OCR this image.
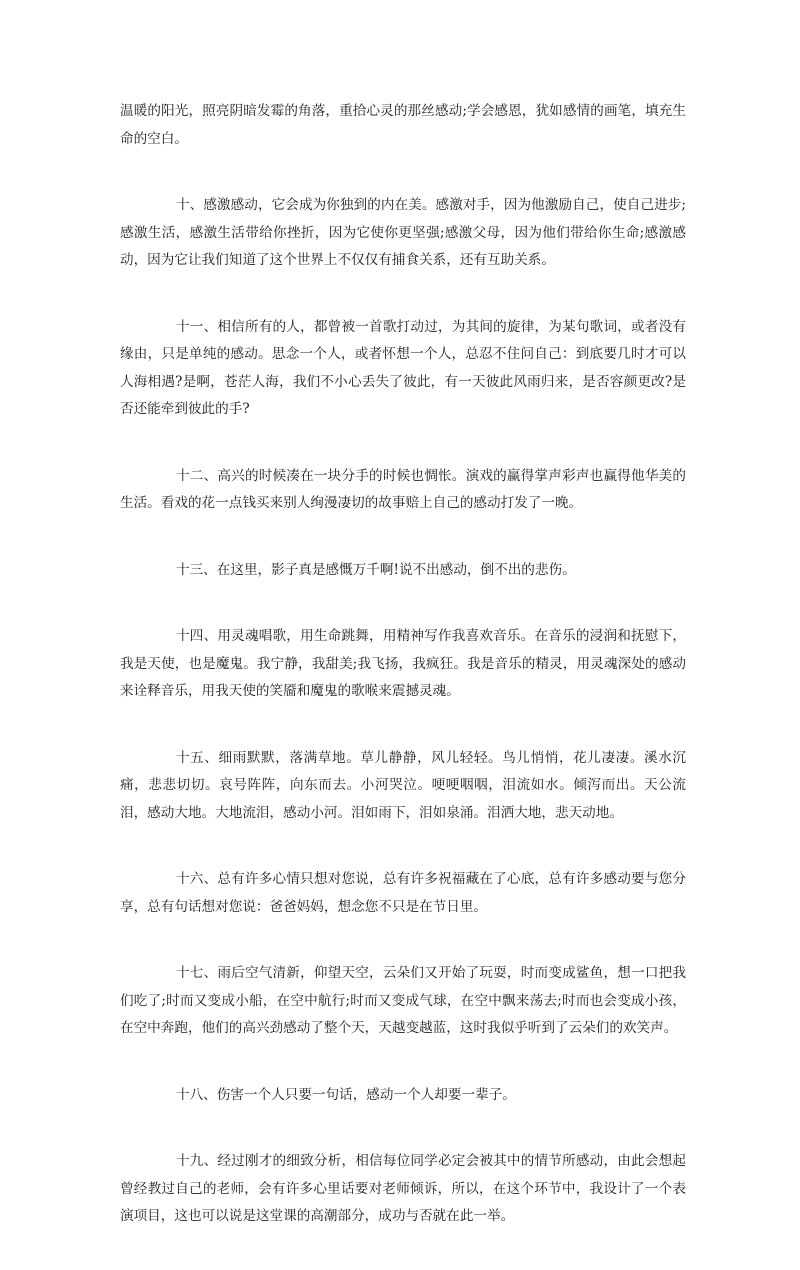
温暖的阳光，照亮阴暗发霉的角落，重拾心灵的那丝感动;学会感恩，犹如感情的画笔，填充生命的空白。

十、感激感动，它会成为你独到的内在美。感激对手，因为他激励自己，使自己进步;感激生活，感激生活带给你挫折，因为它使你更坚强;感激父母，因为他们带给你生命;感激感动，因为它让我们知道了这个世界上不仅仅有捕食关系，还有互助关系。

十一、相信所有的人，都曾被一首歌打动过，为其间的旋律，为某句歌词，或者没有缘由，只是单纯的感动。思念一个人，或者怀想一个人，总忍不住问自己：到底要几时才可以人海相遇?是啊，苍茫人海，我们不小心丢失了彼此，有一天彼此风雨归来，是否容颜更改?是否还能牵到彼此的手?

十二、高兴的时候凑在一块分手的时候也惆怅。演戏的赢得掌声彩声也赢得他华美的生活。看戏的花一点钱买来别人绚漫凄切的故事赔上自己的感动打发了一晚。

十三、在这里，影子真是感慨万千啊!说不出感动，倒不出的悲伤。

十四、用灵魂唱歌，用生命跳舞，用精神写作我喜欢音乐。在音乐的浸润和抚慰下，我是天使，也是魔鬼。我宁静，我甜美;我飞扬，我疯狂。我是音乐的精灵，用灵魂深处的感动来诠释音乐，用我天使的笑靥和魔鬼的歌喉来震撼灵魂。

十五、细雨默默，落满草地。草儿静静，风儿轻轻。鸟儿悄悄，花儿凄凄。溪水沉痛，悲悲切切。哀号阵阵，向东而去。小河哭泣。哽哽咽咽，泪流如水。倾泻而出。天公流泪，感动大地。大地流泪，感动小河。泪如雨下，泪如泉涌。泪洒大地，悲天动地。

十六、总有许多心情只想对您说，总有许多祝福藏在了心底，总有许多感动要与您分享，总有句话想对您说：爸爸妈妈，想念您不只是在节日里。

十七、雨后空气清新，仰望天空，云朵们又开始了玩耍，时而变成鲨鱼，想一口把我们吃了;时而又变成小船，在空中航行;时而又变成气球，在空中飘来荡去;时而也会变成小孩，在空中奔跑，他们的高兴劲感动了整个天，天越变越蓝，这时我似乎听到了云朵们的欢笑声。

十八、伤害一个人只要一句话，感动一个人却要一辈子。

十九、经过刚才的细致分析，相信每位同学必定会被其中的情节所感动，由此会想起曾经教过自己的老师，会有许多心里话要对老师倾诉，所以，在这个环节中，我设计了一个表演项目，这也可以说是这堂课的高潮部分，成功与否就在此一举。
